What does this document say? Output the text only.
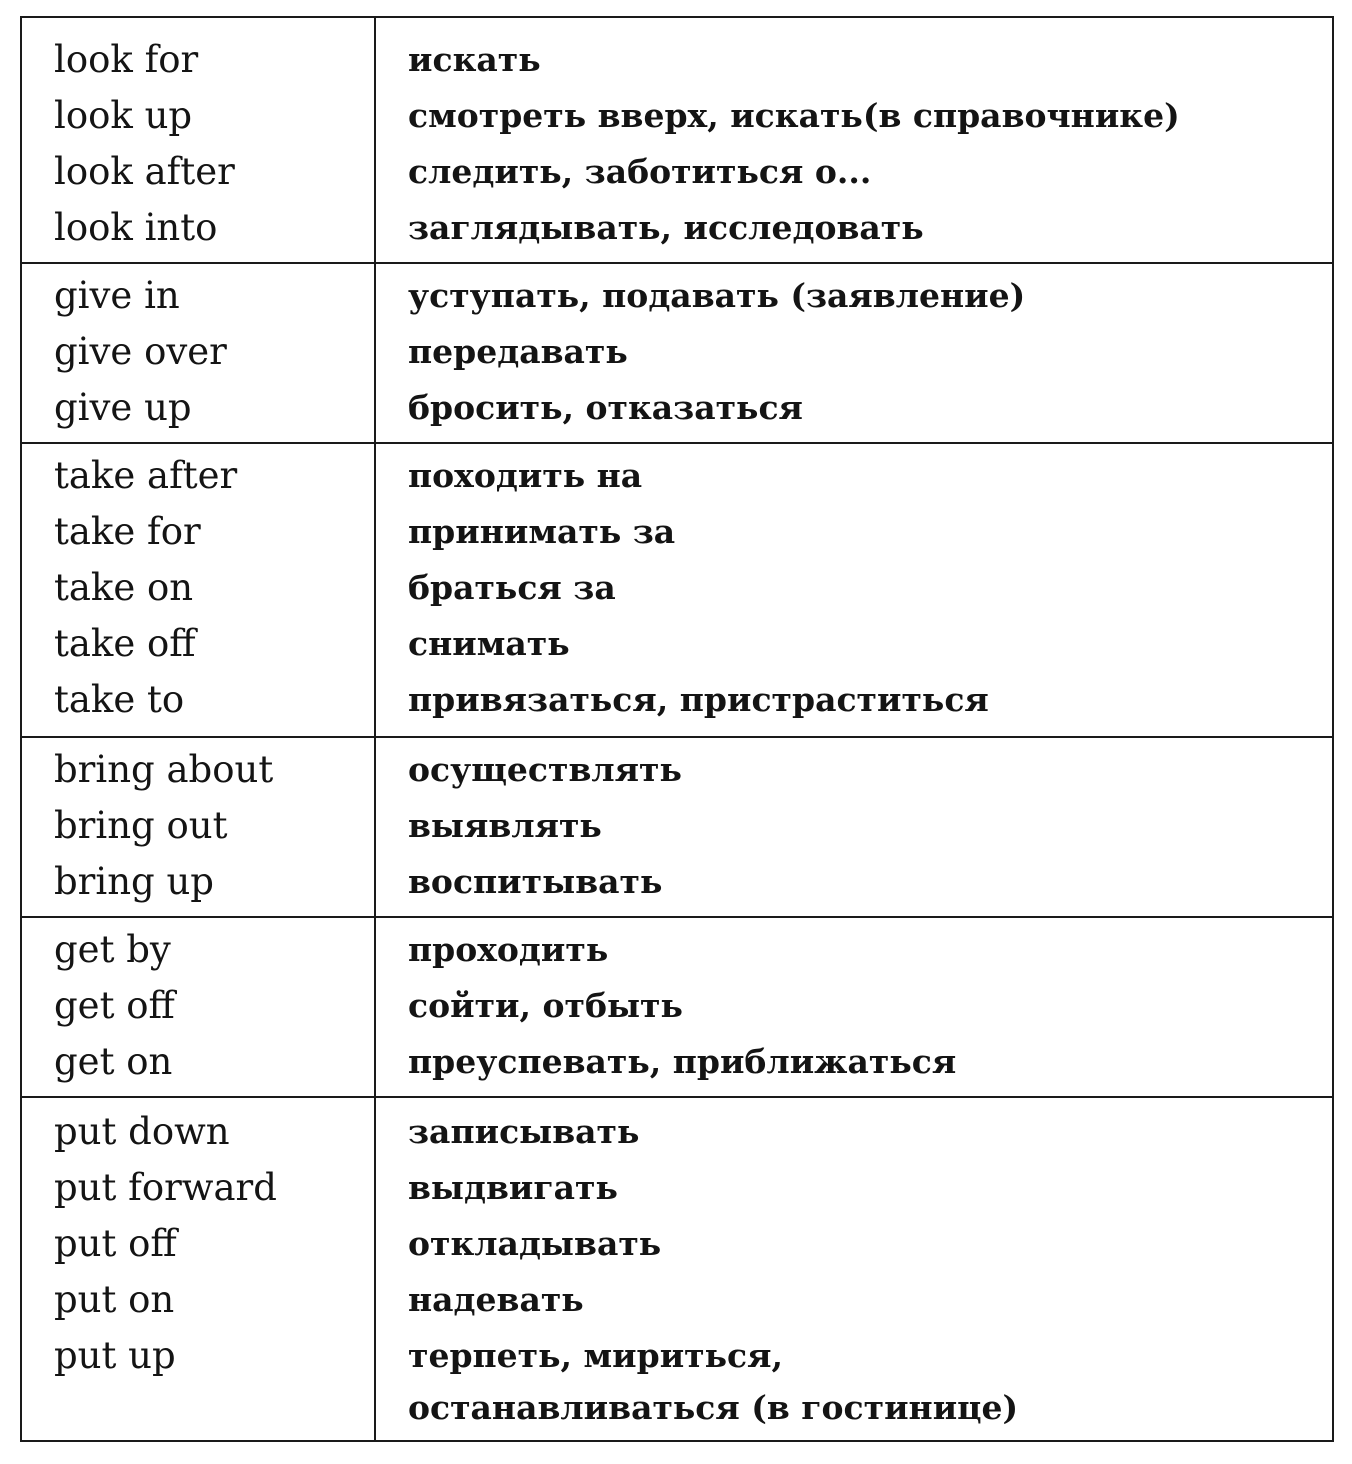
look for	искать
look up	смотреть вверх, искать(в справочнике)
look after	следить, заботиться о...
look into	заглядывать, исследовать
give in	уступать, подавать (заявление)
give over	передавать
give up	бросить, отказаться
take after	походить на
take for	принимать за
take on	браться за
take off	снимать
take to	привязаться, пристраститься
bring about	осуществлять
bring out	выявлять
bring up	воспитывать
get by	проходить
get off	сойти, отбыть
get on	преуспевать, приближаться
put down	записывать
put forward	выдвигать
put off	откладывать
put on	надевать
put up	терпеть, мириться,
останавливаться (в гостинице)
